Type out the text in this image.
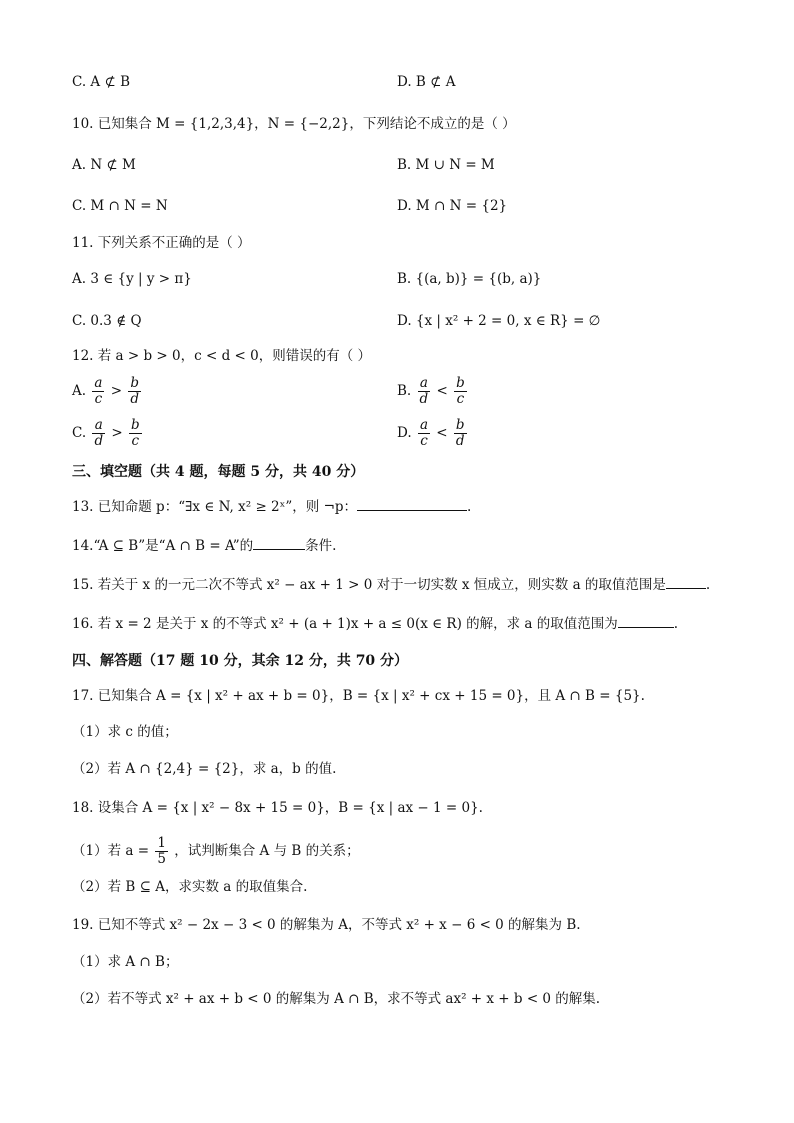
C. A ⊄ B	D. B ⊄ A
10. 已知集合 M = {1,2,3,4}，N = {−2,2}，下列结论不成立的是（ ）
A. N ⊄ M	B. M ∪ N = M
C. M ∩ N = N	D. M ∩ N = {2}
11. 下列关系不正确的是（ ）
A. 3 ∈ {y | y > π}	B. {(a, b)} = {(b, a)}
C. 0.3 ∉ Q	D. {x | x² + 2 = 0, x ∈ R} = ∅
12. 若 a > b > 0，c < d < 0，则错误的有（ ）
A. $\frac{a}{c} > \frac{b}{d}$	B. $\frac{a}{d} < \frac{b}{c}$
C. $\frac{a}{d} > \frac{b}{c}$	D. $\frac{a}{c} < \frac{b}{d}$
三、填空题（共 4 题，每题 5 分，共 40 分）
13. 已知命题 p：“∃x ∈ N, x² ≥ 2ˣ”，则 ¬p：	.
14.“A ⊆ B”是“A ∩ B = A”的	条件.
15. 若关于 x 的一元二次不等式 x² − ax + 1 > 0 对于一切实数 x 恒成立，则实数 a 的取值范围是	.
16. 若 x = 2 是关于 x 的不等式 x² + (a + 1)x + a ≤ 0(x ∈ R) 的解，求 a 的取值范围为	.
四、解答题（17 题 10 分，其余 12 分，共 70 分）
17. 已知集合 A = {x | x² + ax + b = 0}，B = {x | x² + cx + 15 = 0}，且 A ∩ B = {5}.
（1）求 c 的值；
（2）若 A ∩ {2,4} = {2}，求 a，b 的值.
18. 设集合 A = {x | x² − 8x + 15 = 0}，B = {x | ax − 1 = 0}.
（1）若 $a = \frac{1}{5}$ ，试判断集合 A 与 B 的关系；
（2）若 B ⊆ A，求实数 a 的取值集合.
19. 已知不等式 x² − 2x − 3 < 0 的解集为 A，不等式 x² + x − 6 < 0 的解集为 B.
（1）求 A ∩ B；
（2）若不等式 x² + ax + b < 0 的解集为 A ∩ B，求不等式 ax² + x + b < 0 的解集.
